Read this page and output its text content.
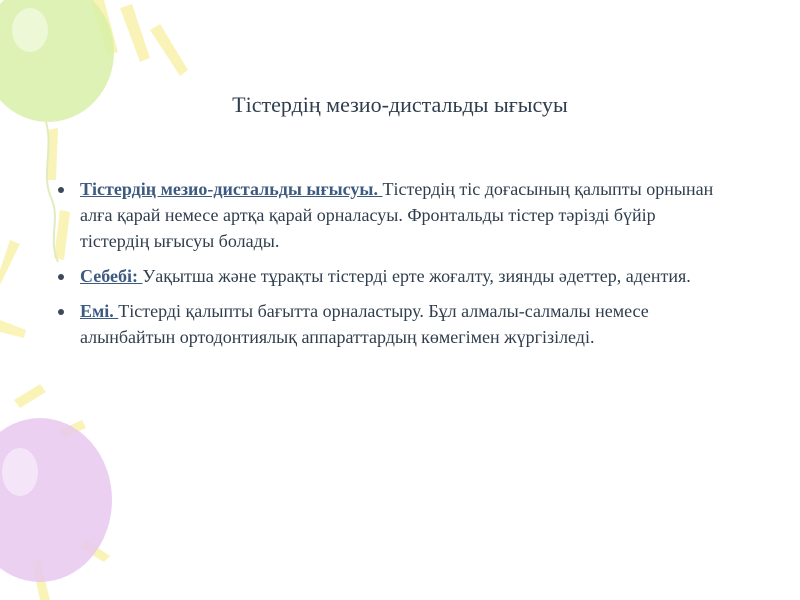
Тістердің мезио-дистальды ығысуы
Тістердің мезио-дистальды ығысуы. Тістердің тіс доғасының қалыпты орнынан алға қарай немесе артқа қарай орналасуы. Фронтальды тістер тәрізді бүйір тістердің ығысуы болады.
Себебі: Уақытша және тұрақты тістерді ерте жоғалту, зиянды әдеттер, адентия.
Емі. Тістерді қалыпты бағытта орналастыру. Бұл алмалы-салмалы немесе алынбайтын ортодонтиялық аппараттардың көмегімен жүргізіледі.
